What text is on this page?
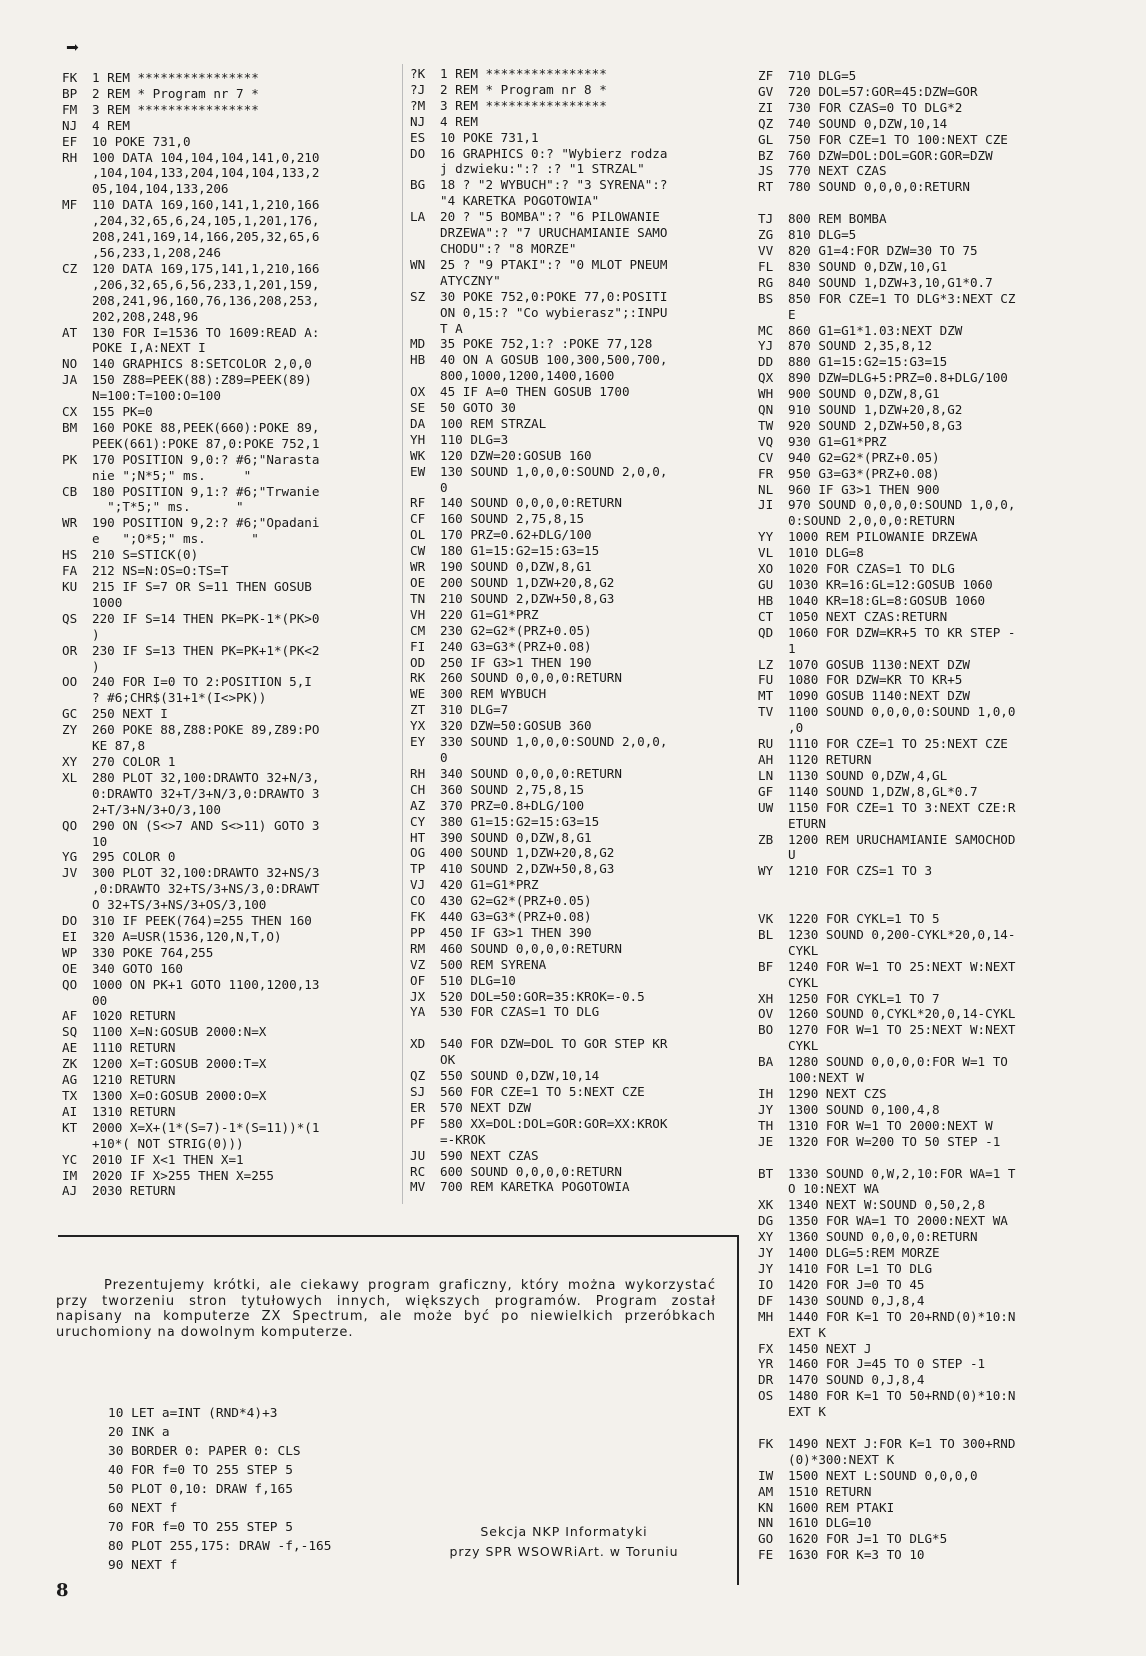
➡
FK	1 REM ****************
BP	2 REM * Program nr 7 *
FM	3 REM ****************
NJ	4 REM
EF	10 POKE 731,0
RH	100 DATA 104,104,104,141,0,210
,104,104,133,204,104,104,133,2
05,104,104,133,206
MF	110 DATA 169,160,141,1,210,166
,204,32,65,6,24,105,1,201,176,
208,241,169,14,166,205,32,65,6
,56,233,1,208,246
CZ	120 DATA 169,175,141,1,210,166
,206,32,65,6,56,233,1,201,159,
208,241,96,160,76,136,208,253,
202,208,248,96
AT	130 FOR I=1536 TO 1609:READ A:
POKE I,A:NEXT I
NO	140 GRAPHICS 8:SETCOLOR 2,0,0
JA	150 Z88=PEEK(88):Z89=PEEK(89)
N=100:T=100:O=100
CX	155 PK=0
BM	160 POKE 88,PEEK(660):POKE 89,
PEEK(661):POKE 87,0:POKE 752,1
PK	170 POSITION 9,0:? #6;"Narasta
nie ";N*5;" ms.     "
CB	180 POSITION 9,1:? #6;"Trwanie
";T*5;" ms.      "
WR	190 POSITION 9,2:? #6;"Opadani
e   ";O*5;" ms.      "
HS	210 S=STICK(0)
FA	212 NS=N:OS=O:TS=T
KU	215 IF S=7 OR S=11 THEN GOSUB
1000
QS	220 IF S=14 THEN PK=PK-1*(PK>0
)
OR	230 IF S=13 THEN PK=PK+1*(PK<2
)
OO	240 FOR I=0 TO 2:POSITION 5,I
? #6;CHR$(31+1*(I<>PK))
GC	250 NEXT I
ZY	260 POKE 88,Z88:POKE 89,Z89:PO
KE 87,8
XY	270 COLOR 1
XL	280 PLOT 32,100:DRAWTO 32+N/3,
0:DRAWTO 32+T/3+N/3,0:DRAWTO 3
2+T/3+N/3+O/3,100
QO	290 ON (S<>7 AND S<>11) GOTO 3
10
YG	295 COLOR 0
JV	300 PLOT 32,100:DRAWTO 32+NS/3
,0:DRAWTO 32+TS/3+NS/3,0:DRAWT
O 32+TS/3+NS/3+OS/3,100
DO	310 IF PEEK(764)=255 THEN 160
EI	320 A=USR(1536,120,N,T,O)
WP	330 POKE 764,255
OE	340 GOTO 160
QO	1000 ON PK+1 GOTO 1100,1200,13
00
AF	1020 RETURN
SQ	1100 X=N:GOSUB 2000:N=X
AE	1110 RETURN
ZK	1200 X=T:GOSUB 2000:T=X
AG	1210 RETURN
TX	1300 X=O:GOSUB 2000:O=X
AI	1310 RETURN
KT	2000 X=X+(1*(S=7)-1*(S=11))*(1
+10*( NOT STRIG(0)))
YC	2010 IF X<1 THEN X=1
IM	2020 IF X>255 THEN X=255
AJ	2030 RETURN
?K	1 REM ****************
?J	2 REM * Program nr 8 *
?M	3 REM ****************
NJ	4 REM
ES	10 POKE 731,1
DO	16 GRAPHICS 0:? "Wybierz rodza
j dzwieku:":? :? "1 STRZAL"
BG	18 ? "2 WYBUCH":? "3 SYRENA":?
"4 KARETKA POGOTOWIA"
LA	20 ? "5 BOMBA":? "6 PILOWANIE
DRZEWA":? "7 URUCHAMIANIE SAMO
CHODU":? "8 MORZE"
WN	25 ? "9 PTAKI":? "0 MLOT PNEUM
ATYCZNY"
SZ	30 POKE 752,0:POKE 77,0:POSITI
ON 0,15:? "Co wybierasz";:INPU
T A
MD	35 POKE 752,1:? :POKE 77,128
HB	40 ON A GOSUB 100,300,500,700,
800,1000,1200,1400,1600
OX	45 IF A=0 THEN GOSUB 1700
SE	50 GOTO 30
DA	100 REM STRZAL
YH	110 DLG=3
WK	120 DZW=20:GOSUB 160
EW	130 SOUND 1,0,0,0:SOUND 2,0,0,
0
RF	140 SOUND 0,0,0,0:RETURN
CF	160 SOUND 2,75,8,15
OL	170 PRZ=0.62+DLG/100
CW	180 G1=15:G2=15:G3=15
WR	190 SOUND 0,DZW,8,G1
OE	200 SOUND 1,DZW+20,8,G2
TN	210 SOUND 2,DZW+50,8,G3
VH	220 G1=G1*PRZ
CM	230 G2=G2*(PRZ+0.05)
FI	240 G3=G3*(PRZ+0.08)
OD	250 IF G3>1 THEN 190
RK	260 SOUND 0,0,0,0:RETURN
WE	300 REM WYBUCH
ZT	310 DLG=7
YX	320 DZW=50:GOSUB 360
EY	330 SOUND 1,0,0,0:SOUND 2,0,0,
0
RH	340 SOUND 0,0,0,0:RETURN
CH	360 SOUND 2,75,8,15
AZ	370 PRZ=0.8+DLG/100
CY	380 G1=15:G2=15:G3=15
HT	390 SOUND 0,DZW,8,G1
OG	400 SOUND 1,DZW+20,8,G2
TP	410 SOUND 2,DZW+50,8,G3
VJ	420 G1=G1*PRZ
CO	430 G2=G2*(PRZ+0.05)
FK	440 G3=G3*(PRZ+0.08)
PP	450 IF G3>1 THEN 390
RM	460 SOUND 0,0,0,0:RETURN
VZ	500 REM SYRENA
OF	510 DLG=10
JX	520 DOL=50:GOR=35:KROK=-0.5
YA	530 FOR CZAS=1 TO DLG

XD	540 FOR DZW=DOL TO GOR STEP KR
OK
QZ	550 SOUND 0,DZW,10,14
SJ	560 FOR CZE=1 TO 5:NEXT CZE
ER	570 NEXT DZW
PF	580 XX=DOL:DOL=GOR:GOR=XX:KROK
=-KROK
JU	590 NEXT CZAS
RC	600 SOUND 0,0,0,0:RETURN
MV	700 REM KARETKA POGOTOWIA
ZF	710 DLG=5
GV	720 DOL=57:GOR=45:DZW=GOR
ZI	730 FOR CZAS=0 TO DLG*2
QZ	740 SOUND 0,DZW,10,14
GL	750 FOR CZE=1 TO 100:NEXT CZE
BZ	760 DZW=DOL:DOL=GOR:GOR=DZW
JS	770 NEXT CZAS
RT	780 SOUND 0,0,0,0:RETURN

TJ	800 REM BOMBA
ZG	810 DLG=5
VV	820 G1=4:FOR DZW=30 TO 75
FL	830 SOUND 0,DZW,10,G1
RG	840 SOUND 1,DZW+3,10,G1*0.7
BS	850 FOR CZE=1 TO DLG*3:NEXT CZ
E
MC	860 G1=G1*1.03:NEXT DZW
YJ	870 SOUND 2,35,8,12
DD	880 G1=15:G2=15:G3=15
QX	890 DZW=DLG+5:PRZ=0.8+DLG/100
WH	900 SOUND 0,DZW,8,G1
QN	910 SOUND 1,DZW+20,8,G2
TW	920 SOUND 2,DZW+50,8,G3
VQ	930 G1=G1*PRZ
CV	940 G2=G2*(PRZ+0.05)
FR	950 G3=G3*(PRZ+0.08)
NL	960 IF G3>1 THEN 900
JI	970 SOUND 0,0,0,0:SOUND 1,0,0,
0:SOUND 2,0,0,0:RETURN
YY	1000 REM PILOWANIE DRZEWA
VL	1010 DLG=8
XO	1020 FOR CZAS=1 TO DLG
GU	1030 KR=16:GL=12:GOSUB 1060
HB	1040 KR=18:GL=8:GOSUB 1060
CT	1050 NEXT CZAS:RETURN
QD	1060 FOR DZW=KR+5 TO KR STEP -
1
LZ	1070 GOSUB 1130:NEXT DZW
FU	1080 FOR DZW=KR TO KR+5
MT	1090 GOSUB 1140:NEXT DZW
TV	1100 SOUND 0,0,0,0:SOUND 1,0,0
,0
RU	1110 FOR CZE=1 TO 25:NEXT CZE
AH	1120 RETURN
LN	1130 SOUND 0,DZW,4,GL
GF	1140 SOUND 1,DZW,8,GL*0.7
UW	1150 FOR CZE=1 TO 3:NEXT CZE:R
ETURN
ZB	1200 REM URUCHAMIANIE SAMOCHOD
U
WY	1210 FOR CZS=1 TO 3

VK	1220 FOR CYKL=1 TO 5
BL	1230 SOUND 0,200-CYKL*20,0,14-
CYKL
BF	1240 FOR W=1 TO 25:NEXT W:NEXT
CYKL
XH	1250 FOR CYKL=1 TO 7
OV	1260 SOUND 0,CYKL*20,0,14-CYKL
BO	1270 FOR W=1 TO 25:NEXT W:NEXT
CYKL
BA	1280 SOUND 0,0,0,0:FOR W=1 TO
100:NEXT W
IH	1290 NEXT CZS
JY	1300 SOUND 0,100,4,8
TH	1310 FOR W=1 TO 2000:NEXT W
JE	1320 FOR W=200 TO 50 STEP -1

BT	1330 SOUND 0,W,2,10:FOR WA=1 T
O 10:NEXT WA
XK	1340 NEXT W:SOUND 0,50,2,8
DG	1350 FOR WA=1 TO 2000:NEXT WA
XY	1360 SOUND 0,0,0,0:RETURN
JY	1400 DLG=5:REM MORZE
JY	1410 FOR L=1 TO DLG
IO	1420 FOR J=0 TO 45
DF	1430 SOUND 0,J,8,4
MH	1440 FOR K=1 TO 20+RND(0)*10:N
EXT K
FX	1450 NEXT J
YR	1460 FOR J=45 TO 0 STEP -1
DR	1470 SOUND 0,J,8,4
OS	1480 FOR K=1 TO 50+RND(0)*10:N
EXT K

FK	1490 NEXT J:FOR K=1 TO 300+RND
(0)*300:NEXT K
IW	1500 NEXT L:SOUND 0,0,0,0
AM	1510 RETURN
KN	1600 REM PTAKI
NN	1610 DLG=10
GO	1620 FOR J=1 TO DLG*5
FE	1630 FOR K=3 TO 10
Prezentujemy krótki, ale ciekawy program graficzny, który można wykorzystać przy tworzeniu stron tytułowych innych, większych programów. Program został napisany na komputerze ZX Spectrum, ale może być po niewielkich przeróbkach uruchomiony na dowolnym komputerze.
10 LET a=INT (RND*4)+3
20 INK a
30 BORDER 0: PAPER 0: CLS
40 FOR f=0 TO 255 STEP 5
50 PLOT 0,10: DRAW f,165
60 NEXT f
70 FOR f=0 TO 255 STEP 5
80 PLOT 255,175: DRAW -f,-165
90 NEXT f
Sekcja NKP Informatyki
przy SPR WSOWRiArt. w Toruniu
8
